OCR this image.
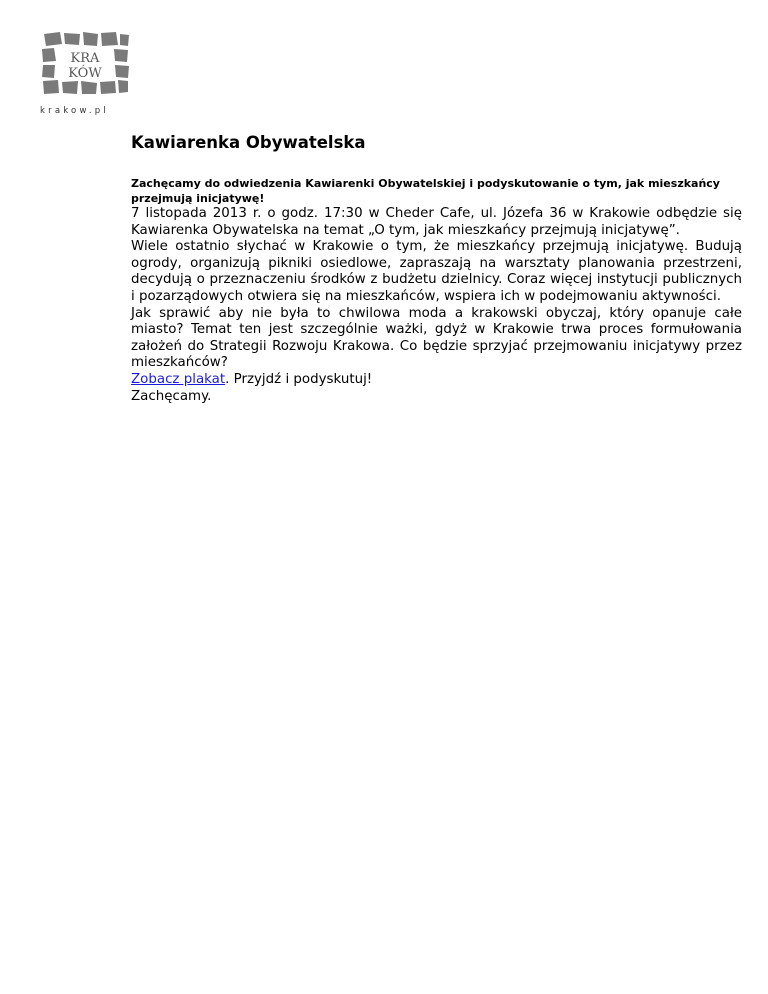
KRA
KÓW
krakow.pl
Kawiarenka Obywatelska

Zachęcamy do odwiedzenia Kawiarenki Obywatelskiej i podyskutowanie o tym, jak mieszkańcy przejmują inicjatywę!

7 listopada 2013 r. o godz. 17:30 w Cheder Cafe, ul. Józefa 36 w Krakowie odbędzie się Kawiarenka Obywatelska na temat „O tym, jak mieszkańcy przejmują inicjatywę”.

Wiele ostatnio słychać w Krakowie o tym, że mieszkańcy przejmują inicjatywę. Budują ogrody, organizują pikniki osiedlowe, zapraszają na warsztaty planowania przestrzeni, decydują o przeznaczeniu środków z budżetu dzielnicy. Coraz więcej instytucji publicznych i pozarządowych otwiera się na mieszkańców, wspiera ich w podejmowaniu aktywności.

Jak sprawić aby nie była to chwilowa moda a krakowski obyczaj, który opanuje całe miasto? Temat ten jest szczególnie ważki, gdyż w Krakowie trwa proces formułowania założeń do Strategii Rozwoju Krakowa. Co będzie sprzyjać przejmowaniu inicjatywy przez mieszkańców?

Zobacz plakat. Przyjdź i podyskutuj!

Zachęcamy.
